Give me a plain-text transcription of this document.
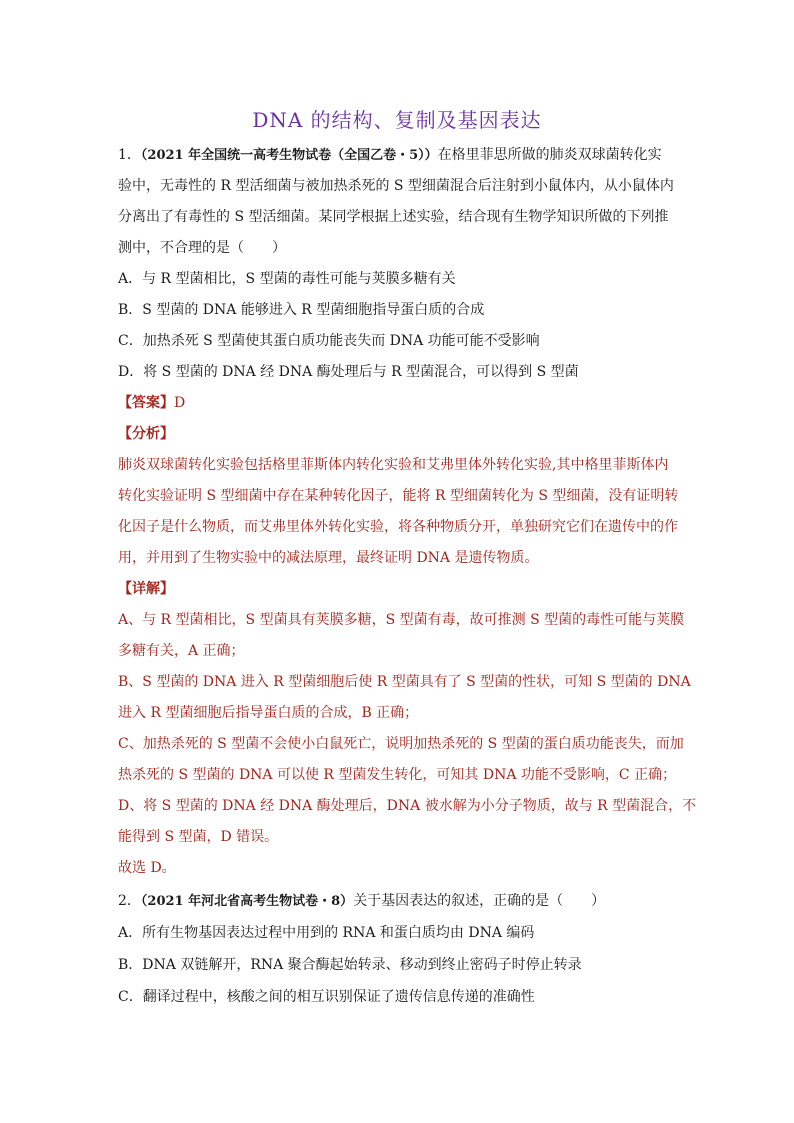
DNA 的结构、复制及基因表达
1．（2021 年全国统一高考生物试卷（全国乙卷・5））在格里菲思所做的肺炎双球菌转化实
验中，无毒性的 R 型活细菌与被加热杀死的 S 型细菌混合后注射到小鼠体内，从小鼠体内
分离出了有毒性的 S 型活细菌。某同学根据上述实验，结合现有生物学知识所做的下列推
测中，不合理的是（　　）
A．与 R 型菌相比，S 型菌的毒性可能与荚膜多糖有关
B．S 型菌的 DNA 能够进入 R 型菌细胞指导蛋白质的合成
C．加热杀死 S 型菌使其蛋白质功能丧失而 DNA 功能可能不受影响
D．将 S 型菌的 DNA 经 DNA 酶处理后与 R 型菌混合，可以得到 S 型菌
【答案】D
【分析】
肺炎双球菌转化实验包括格里菲斯体内转化实验和艾弗里体外转化实验,其中格里菲斯体内
转化实验证明 S 型细菌中存在某种转化因子，能将 R 型细菌转化为 S 型细菌，没有证明转
化因子是什么物质，而艾弗里体外转化实验，将各种物质分开，单独研究它们在遗传中的作
用，并用到了生物实验中的减法原理，最终证明 DNA 是遗传物质。
【详解】
A、与 R 型菌相比，S 型菌具有荚膜多糖，S 型菌有毒，故可推测 S 型菌的毒性可能与荚膜
多糖有关，A 正确；
B、S 型菌的 DNA 进入 R 型菌细胞后使 R 型菌具有了 S 型菌的性状，可知 S 型菌的 DNA
进入 R 型菌细胞后指导蛋白质的合成，B 正确；
C、加热杀死的 S 型菌不会使小白鼠死亡，说明加热杀死的 S 型菌的蛋白质功能丧失，而加
热杀死的 S 型菌的 DNA 可以使 R 型菌发生转化，可知其 DNA 功能不受影响，C 正确；
D、将 S 型菌的 DNA 经 DNA 酶处理后，DNA 被水解为小分子物质，故与 R 型菌混合，不
能得到 S 型菌，D 错误。
故选 D。
2．（2021 年河北省高考生物试卷・8）关于基因表达的叙述，正确的是（　　）
A．所有生物基因表达过程中用到的 RNA 和蛋白质均由 DNA 编码
B．DNA 双链解开，RNA 聚合酶起始转录、移动到终止密码子时停止转录
C．翻译过程中，核酸之间的相互识别保证了遗传信息传递的准确性
